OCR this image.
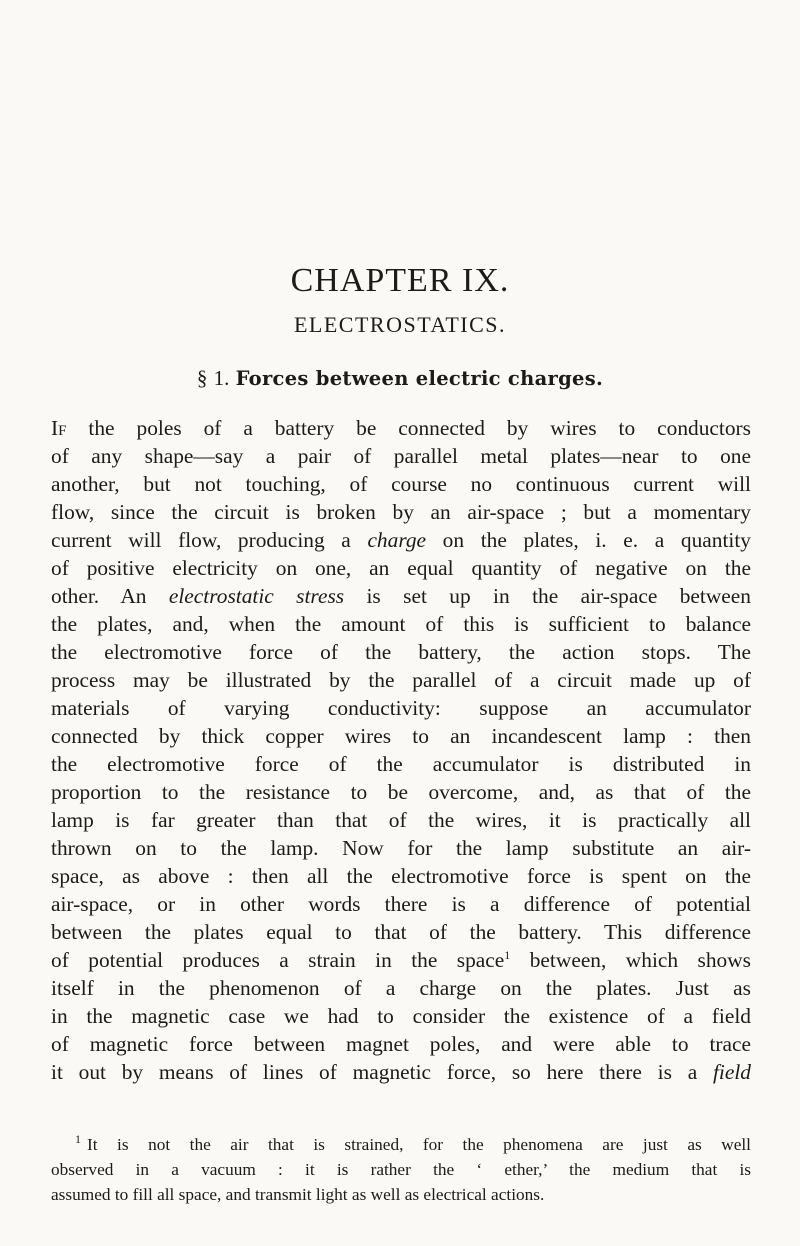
CHAPTER IX.
ELECTROSTATICS.
§ 1. Forces between electric charges.
If the poles of a battery be connected by wires to conductors
of any shape—say a pair of parallel metal plates—near to one
another, but not touching, of course no continuous current will
flow, since the circuit is broken by an air-space ; but a momentary
current will flow, producing a charge on the plates, i. e. a quantity
of positive electricity on one, an equal quantity of negative on the
other. An electrostatic stress is set up in the air-space between
the plates, and, when the amount of this is sufficient to balance
the electromotive force of the battery, the action stops. The
process may be illustrated by the parallel of a circuit made up of
materials of varying conductivity: suppose an accumulator
connected by thick copper wires to an incandescent lamp : then
the electromotive force of the accumulator is distributed in
proportion to the resistance to be overcome, and, as that of the
lamp is far greater than that of the wires, it is practically all
thrown on to the lamp. Now for the lamp substitute an air-
space, as above : then all the electromotive force is spent on the
air-space, or in other words there is a difference of potential
between the plates equal to that of the battery. This difference
of potential produces a strain in the space$^1$ between, which shows
itself in the phenomenon of a charge on the plates. Just as
in the magnetic case we had to consider the existence of a field
of magnetic force between magnet poles, and were able to trace
it out by means of lines of magnetic force, so here there is a field
$^1$ It is not the air that is strained, for the phenomena are just as well
observed in a vacuum : it is rather the ‘ ether,’ the medium that is
assumed to fill all space, and transmit light as well as electrical actions.
